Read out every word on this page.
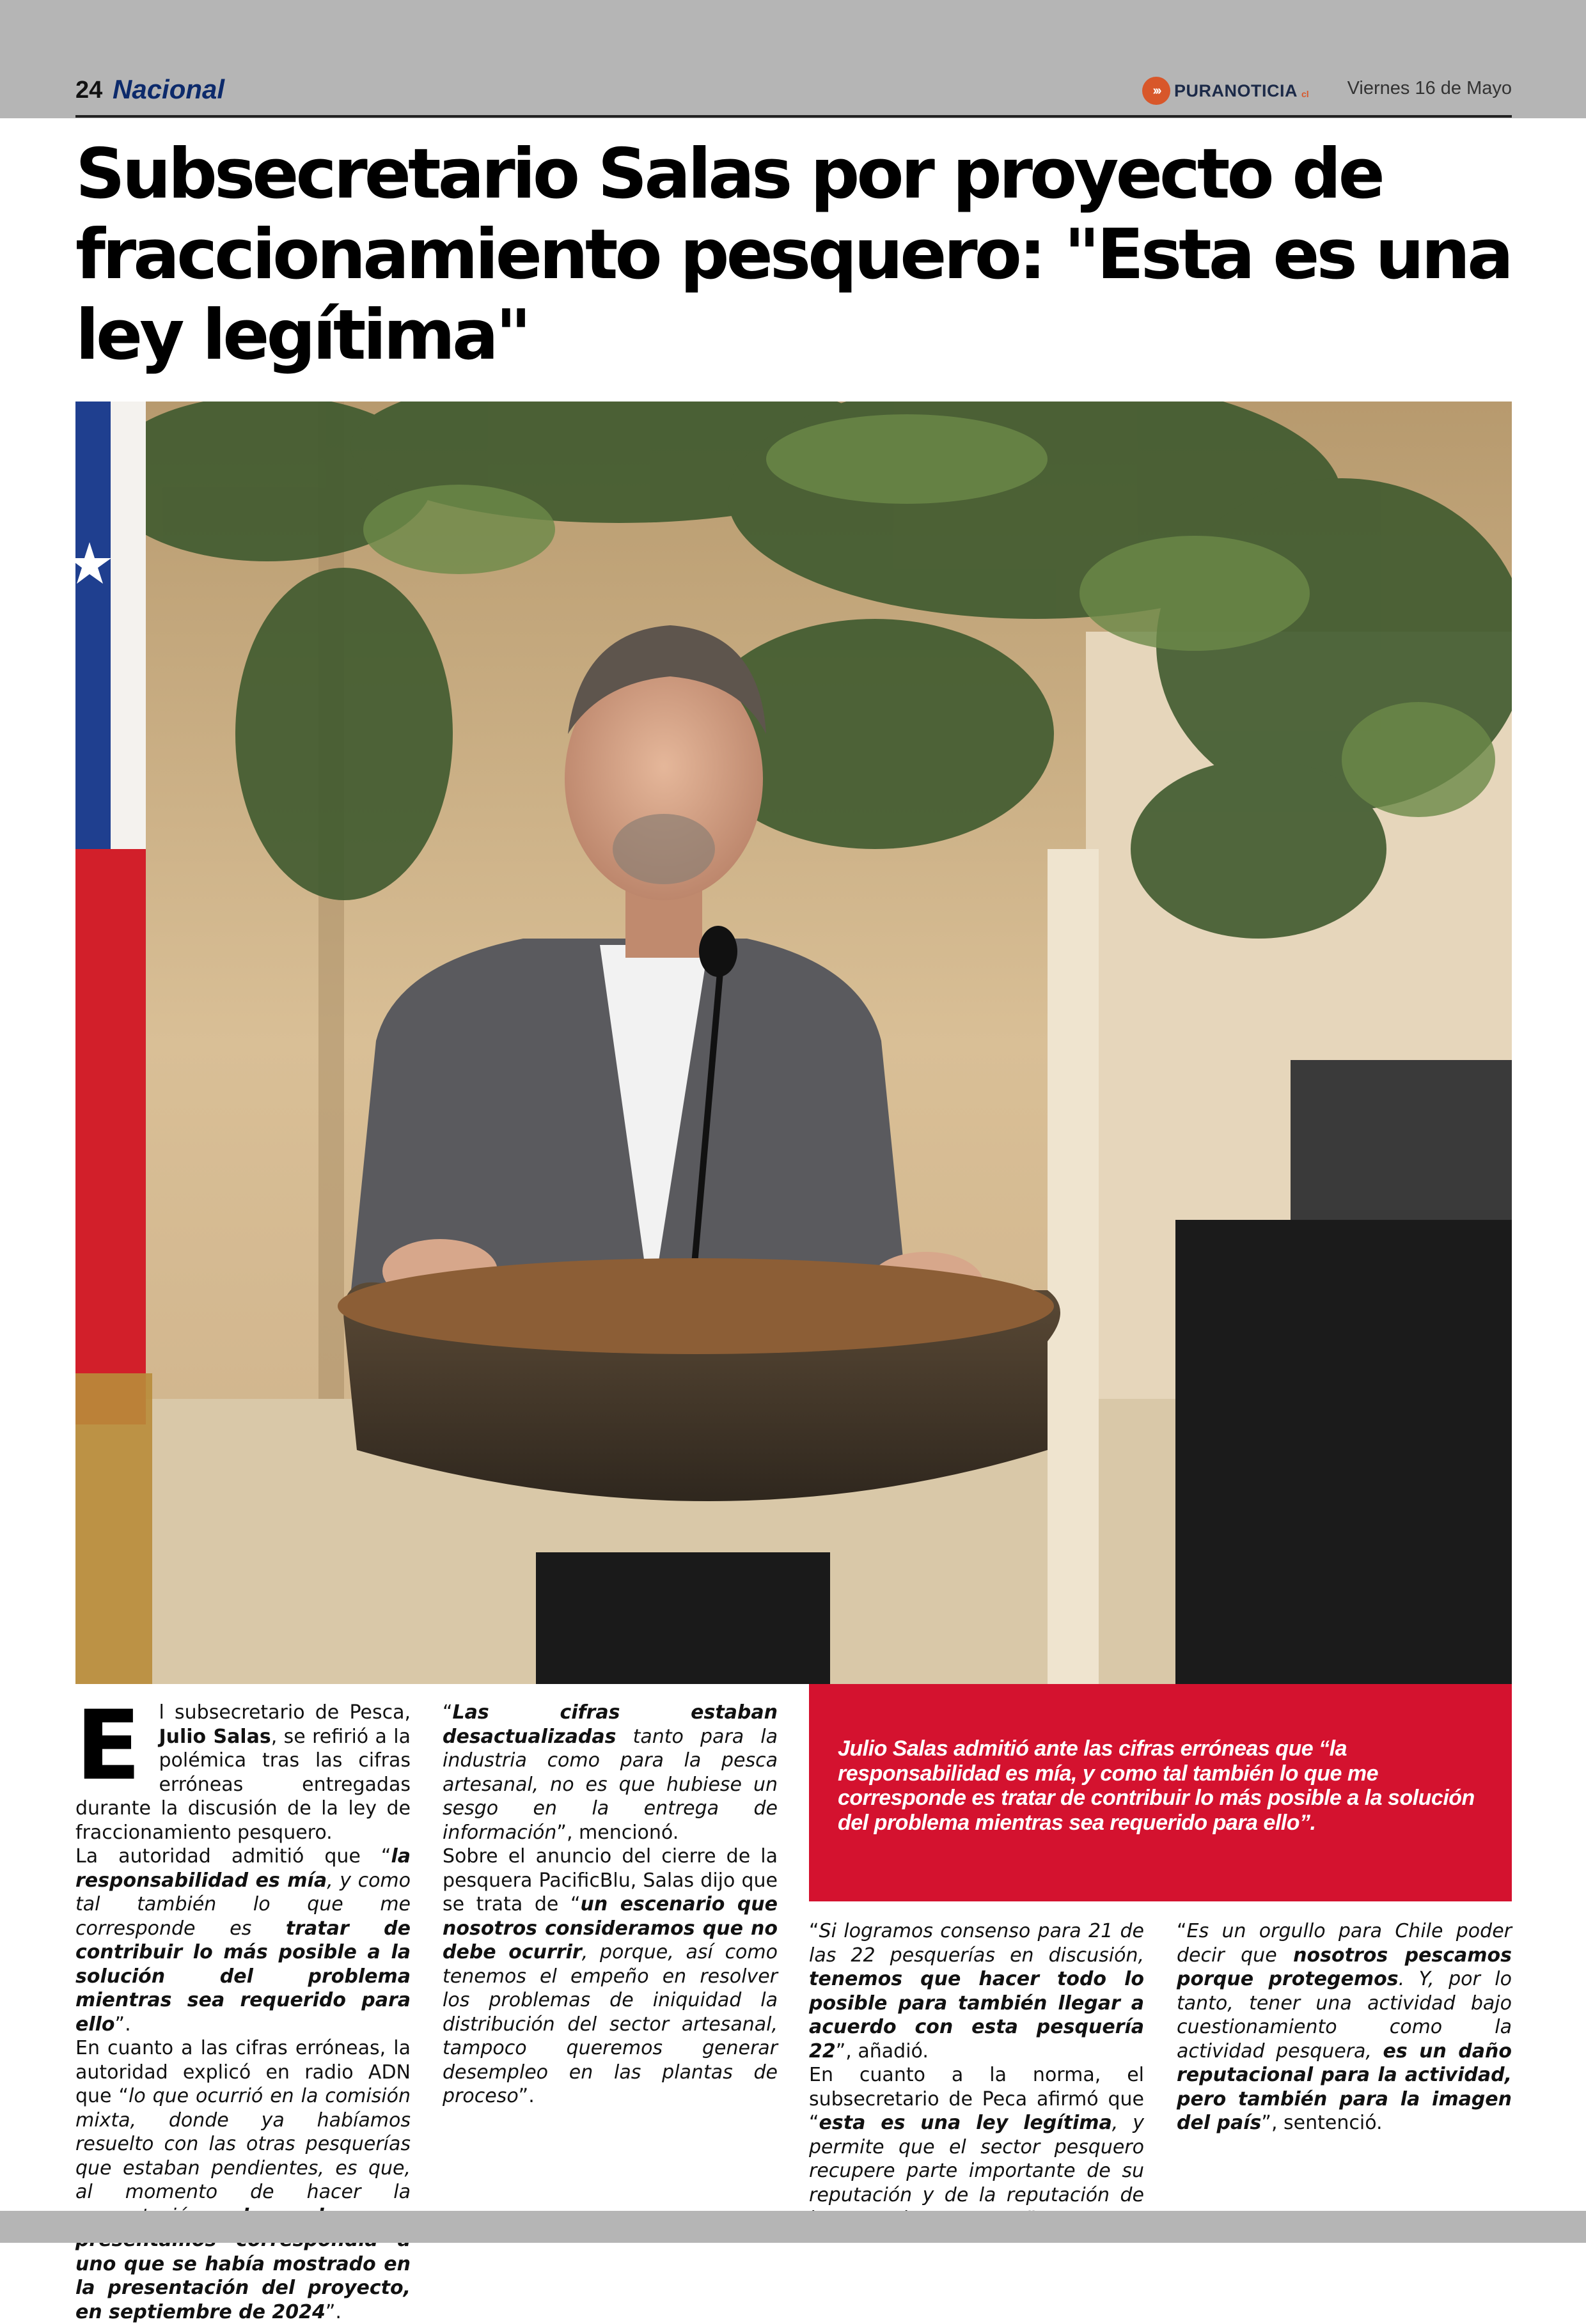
24 Nacional	››› PURANOTICIA cl Viernes 16 de Mayo
Subsecretario Salas por proyecto de fraccionamiento pesquero: "Esta es una ley legítima"
E l subsecretario de Pesca, Julio Salas, se refirió a la polémica tras las cifras erróneas entregadas durante la discusión de la ley de fraccionamiento pesquero.

La autoridad admitió que “la responsabilidad es mía, y como tal también lo que me corresponde es tratar de contribuir lo más posible a la solución del problema mientras sea requerido para ello”.

En cuanto a las cifras erróneas, la autoridad explicó en radio ADN que “lo que ocurrió en la comisión mixta, donde ya habíamos resuelto con las otras pesquerías que estaban pendientes, es que, al momento de hacer la uno que se había mostrado en la presentación del proyecto, en septiembre de 2024”.

“Las cifras estaban desactualizadas tanto para la industria como para la pesca artesanal, no es que hubiese un sesgo en la entrega de información”, mencionó.

Sobre el anuncio del cierre de la pesquera PacificBlu, Salas dijo que se trata de “un escenario que nosotros consideramos que no debe ocurrir, porque, así como tenemos el empeño en resolver los problemas de iniquidad la distribución del sector artesanal, tampoco queremos generar desempleo en las plantas de proceso”.

Julio Salas admitió ante las cifras erróneas que “la responsabilidad es mía, y como tal también lo que me corresponde es tratar de contribuir lo más posible a la solución del problema mientras sea requerido para ello”.

“Si logramos consenso para 21 de las 22 pesquerías en discusión, tenemos que hacer todo lo posible para también llegar a acuerdo con esta pesquería 22”, añadió.

En cuanto a la norma, el subsecretario de Peca afirmó que “esta es una ley legítima, y permite que el sector pesquero recupere parte importante de su reputación y de la reputación de

“Es un orgullo para Chile poder decir que nosotros pescamos porque protegemos. Y, por lo tanto, tener una actividad bajo cuestionamiento como la actividad pesquera, es un daño reputacional para la actividad, pero también para la imagen del país”, sentenció.
